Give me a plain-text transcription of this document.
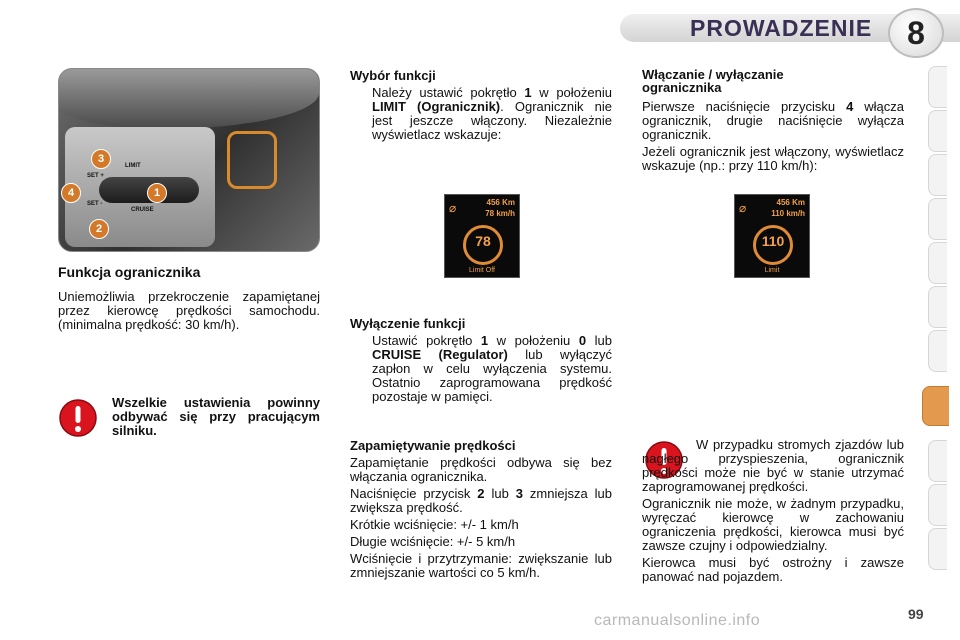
PROWADZENIE	8
LIMIT
SET +
SET -
CRUISE
3
4	1
2
Funkcja ogranicznika
Uniemożliwia przekroczenie zapamiętanej przez kierowcę prędkości samochodu. (minimalna prędkość: 30 km/h).
Wszelkie ustawienia powinny odbywać się przy pracującym silniku.
Wybór funkcji
Należy ustawić pokrętło 1 w położeniu LIMIT (Ogranicznik). Ogranicznik nie jest jeszcze włączony. Niezależnie wyświetlacz wskazuje:
⌀	456 Km
78 km/h
78
Limit Off
Wyłączenie funkcji
Ustawić pokrętło 1 w położeniu 0 lub CRUISE (Regulator) lub wyłączyć zapłon w celu wyłączenia systemu. Ostatnio zaprogramowana prędkość pozostaje w pamięci.
Zapamiętywanie prędkości

Zapamiętanie prędkości odbywa się bez włączania ogranicznika.

Naciśnięcie przycisk 2 lub 3 zmniejsza lub zwiększa prędkość.

Krótkie wciśnięcie: +/- 1 km/h

Długie wciśnięcie: +/- 5 km/h

Wciśnięcie i przytrzymanie: zwiększanie lub zmniejszanie wartości co 5 km/h.

Włączanie / wyłączanie ogranicznika

Pierwsze naciśnięcie przycisku 4 włącza ogranicznik, drugie naciśnięcie wyłącza ogranicznik.

Jeżeli ogranicznik jest włączony, wyświetlacz wskazuje (np.: przy 110 km/h):

⌀	456 Km
110 km/h
110
Limit

W przypadku stromych zjazdów lub nagłego przyspieszenia, ogranicznik prędkości może nie być w stanie utrzymać zaprogramowanej prędkości.

Ogranicznik nie może, w żadnym przypadku, wyręczać kierowcę w zachowaniu ograniczenia prędkości, kierowca musi być zawsze czujny i odpowiedzialny.

Kierowca musi być ostrożny i zawsze panować nad pojazdem.

carmanualsonline.info	99
